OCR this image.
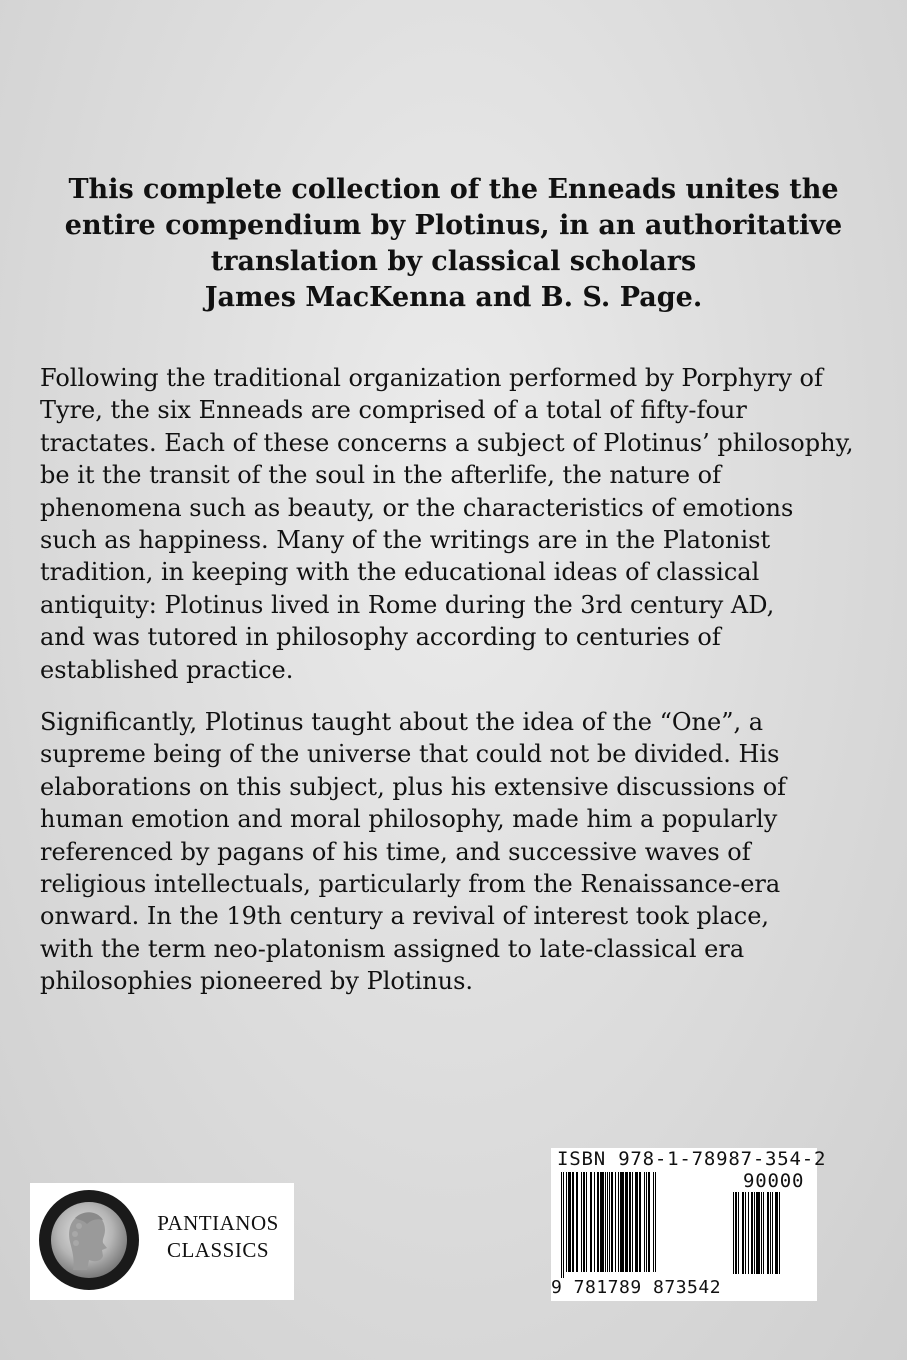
This complete collection of the Enneads unites the
entire compendium by Plotinus, in an authoritative
translation by classical scholars
James MacKenna and B. S. Page.
Following the traditional organization performed by Porphyry of
Tyre, the six Enneads are comprised of a total of fifty-four
tractates. Each of these concerns a subject of Plotinus’ philosophy,
be it the transit of the soul in the afterlife, the nature of
phenomena such as beauty, or the characteristics of emotions
such as happiness. Many of the writings are in the Platonist
tradition, in keeping with the educational ideas of classical
antiquity: Plotinus lived in Rome during the 3rd century AD,
and was tutored in philosophy according to centuries of
established practice.
Significantly, Plotinus taught about the idea of the “One”, a
supreme being of the universe that could not be divided. His
elaborations on this subject, plus his extensive discussions of
human emotion and moral philosophy, made him a popularly
referenced by pagans of his time, and successive waves of
religious intellectuals, particularly from the Renaissance-era
onward. In the 19th century a revival of interest took place,
with the term neo-platonism assigned to late-classical era
philosophies pioneered by Plotinus.
PANTIANOS
CLASSICS
ISBN 978-1-78987-354-2
90000
9 781789 873542
